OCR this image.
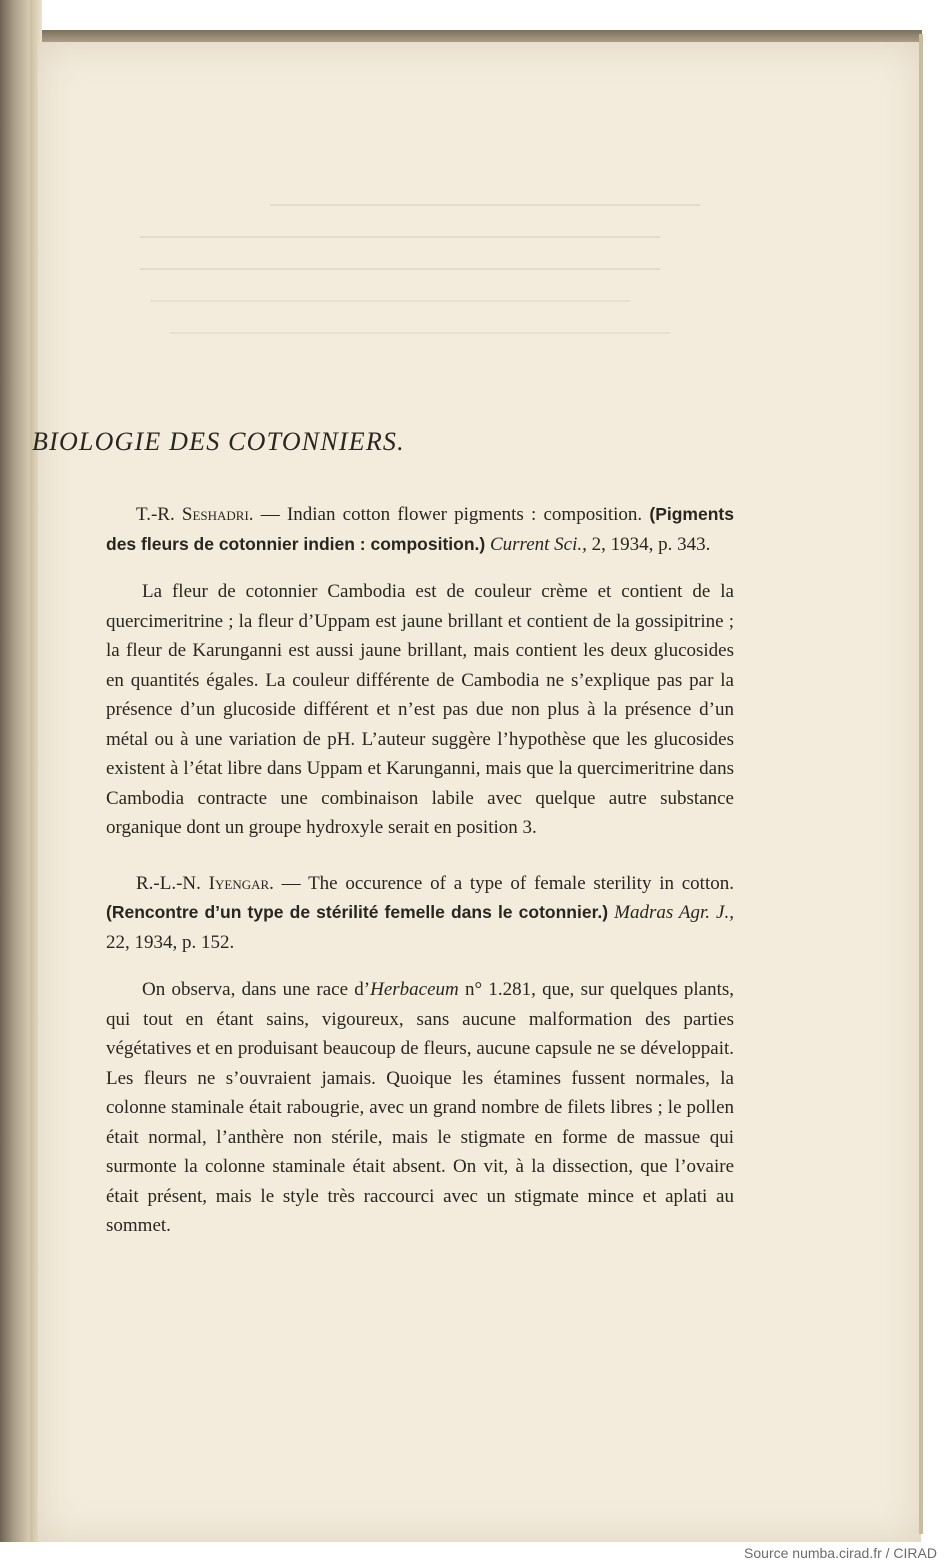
BIOLOGIE DES COTONNIERS.

T.-R. Seshadri. — Indian cotton flower pigments : composition. (Pigments des fleurs de cotonnier indien : composition.) Current Sci., 2, 1934, p. 343.

La fleur de cotonnier Cambodia est de couleur crème et contient de la quercimeritrine ; la fleur d’Uppam est jaune brillant et contient de la gossipitrine ; la fleur de Karunganni est aussi jaune brillant, mais contient les deux glucosides en quantités égales. La couleur différente de Cambodia ne s’explique pas par la présence d’un glucoside différent et n’est pas due non plus à la présence d’un métal ou à une variation de pH. L’auteur suggère l’hypothèse que les glucosides existent à l’état libre dans Uppam et Karunganni, mais que la quercimeritrine dans Cambodia contracte une combinaison labile avec quelque autre substance organique dont un groupe hydroxyle serait en position 3.

R.-L.-N. Iyengar. — The occurence of a type of female sterility in cotton. (Rencontre d’un type de stérilité femelle dans le cotonnier.) Madras Agr. J., 22, 1934, p. 152.

On observa, dans une race d’Herbaceum n° 1.281, que, sur quelques plants, qui tout en étant sains, vigoureux, sans aucune malformation des parties végétatives et en produisant beaucoup de fleurs, aucune capsule ne se développait. Les fleurs ne s’ouvraient jamais. Quoique les étamines fussent normales, la colonne staminale était rabougrie, avec un grand nombre de filets libres ; le pollen était normal, l’anthère non stérile, mais le stigmate en forme de massue qui surmonte la colonne staminale était absent. On vit, à la dissection, que l’ovaire était présent, mais le style très raccourci avec un stigmate mince et aplati au sommet.

Source numba.cirad.fr / CIRAD
